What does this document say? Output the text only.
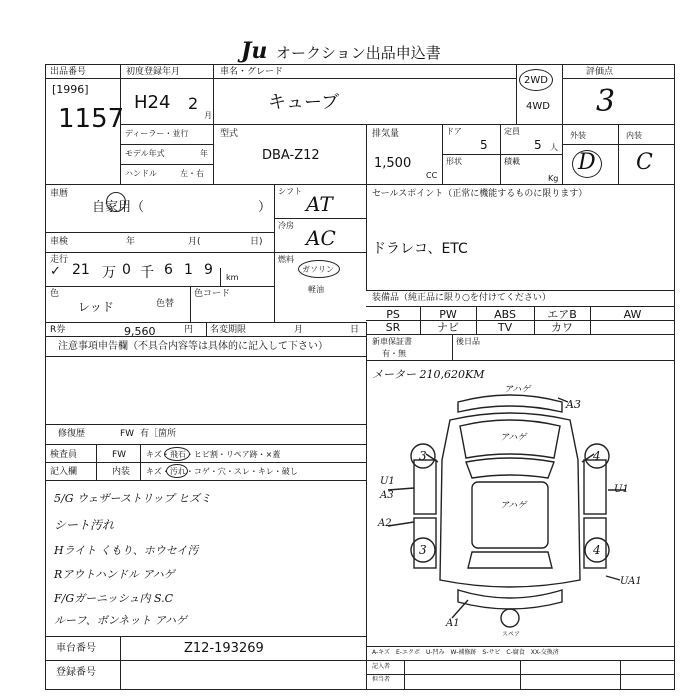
Ju オークション出品申込書
出品番号
[1996]
1157
初度登録年月
H24 2
月
車名・グレード
キューブ
2WD
4WD
評価点
3
ディーラー・並行
モデル年式	年
ハンドル	左・右
型式
DBA-Z12
排気量
1,500
CC
ドア
5
定員
5 人
形状	積載
Kg
外装	内装
D C
車暦
自家用（	）
シフト
AT
冷房
AC
燃料
ガソリン
軽油
セールスポイント（正常に機能するものに限ります）
ドラレコ、ETC
車検	年	月(	日)
走行
✓ 21 万 0 千 6 1 9 km
色
レッド	色替
色コード	装備品（純正品に限り○を付けてください）
PS	PW	ABS	エアB	AW
SR	ナビ	TV	カワ
R券	9,560	円 名変期限	月	日
新車保証書
有・無
後日品
注意事項申告欄（不具合内容等は具体的に記入して下さい）
修復歴	FW 有［箇所
検査員	FW キズ・飛石・ヒビ割・リペア跡・×蓋
記入欄	内装 キズ・汚れ・コゲ・穴・スレ・キレ・破し
5/G ウェザーストリップ ヒズミ
シート汚れ
Hライト くもり、ホウセイ汚
Rアウトハンドル アハゲ
F/Gガーニッシュ内 S.C
ルーフ、ボンネット アハゲ
メーター 210,620KM
アハゲ
A3
アハゲ
アハゲ
U1
A3
A2
U1
UA1
A1
3	4
3	4
スペア
車台番号	Z12-193269
登録番号
A-キズ　E-エクボ　U-凹み　W-補修跡　S-サビ　C-腐食　XX-交換済
記入者
担当者
